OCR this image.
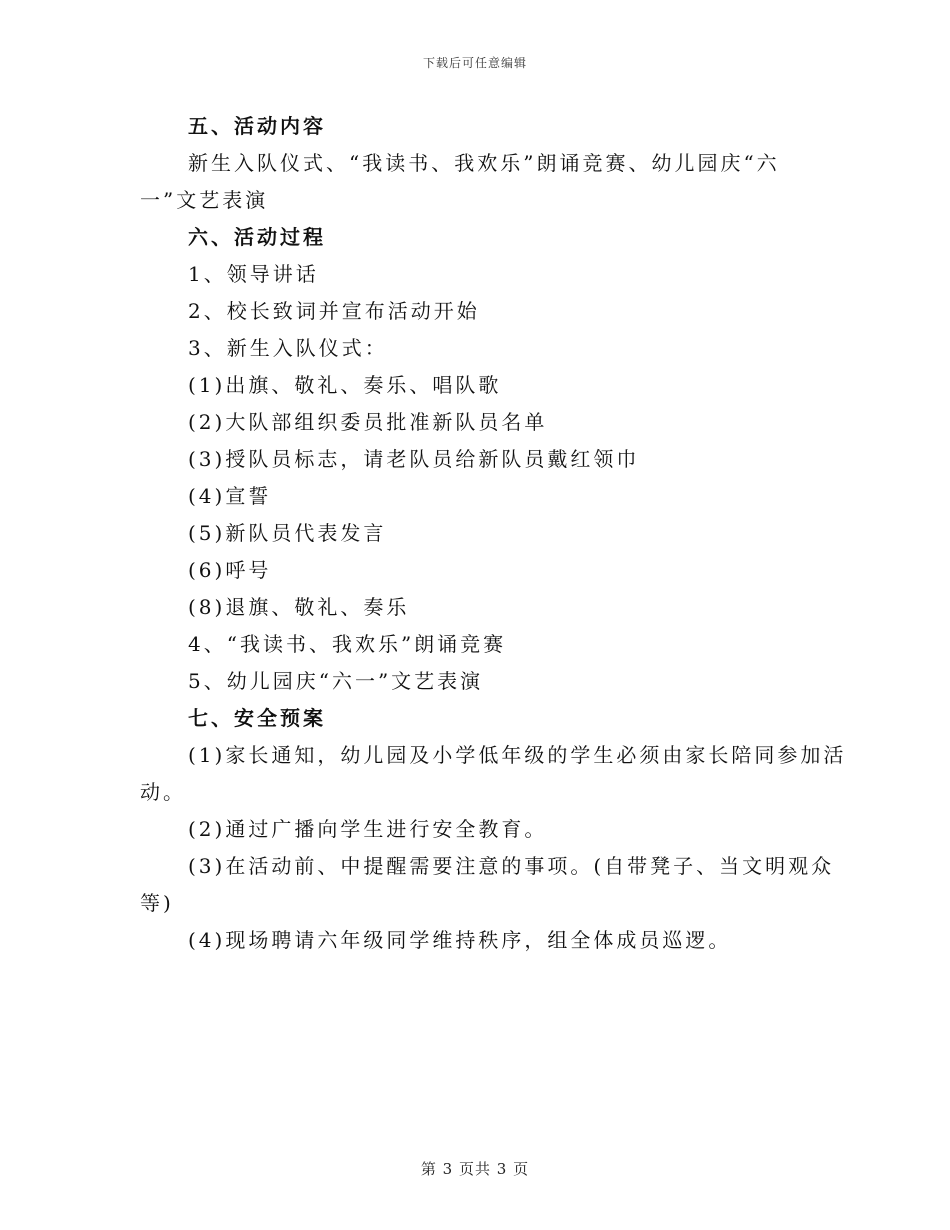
下载后可任意编辑
五、活动内容
新生入队仪式、“我读书、我欢乐”朗诵竞赛、幼儿园庆“六
一”文艺表演
六、活动过程
1、领导讲话
2、校长致词并宣布活动开始
3、新生入队仪式：
(1)出旗、敬礼、奏乐、唱队歌
(2)大队部组织委员批准新队员名单
(3)授队员标志，请老队员给新队员戴红领巾
(4)宣誓
(5)新队员代表发言
(6)呼号
(8)退旗、敬礼、奏乐
4、“我读书、我欢乐”朗诵竞赛
5、幼儿园庆“六一”文艺表演
七、安全预案
(1)家长通知，幼儿园及小学低年级的学生必须由家长陪同参加活
动。
(2)通过广播向学生进行安全教育。
(3)在活动前、中提醒需要注意的事项。(自带凳子、当文明观众
等)
(4)现场聘请六年级同学维持秩序，组全体成员巡逻。
第 3 页共 3 页
